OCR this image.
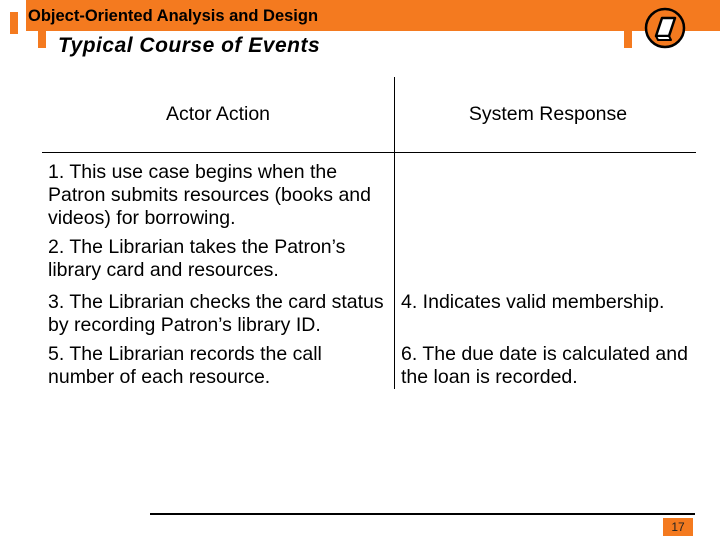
Object-Oriented Analysis and Design
Typical Course of Events
Actor Action	System Response
1. This use case begins when the Patron submits resources (books and videos) for borrowing.	
2. The Librarian takes the Patron’s library card and resources.	
3. The Librarian checks the card status by recording Patron’s library ID.	4. Indicates valid membership.
5. The Librarian records the call number of each resource.	6. The due date is calculated and the loan is recorded.
17
